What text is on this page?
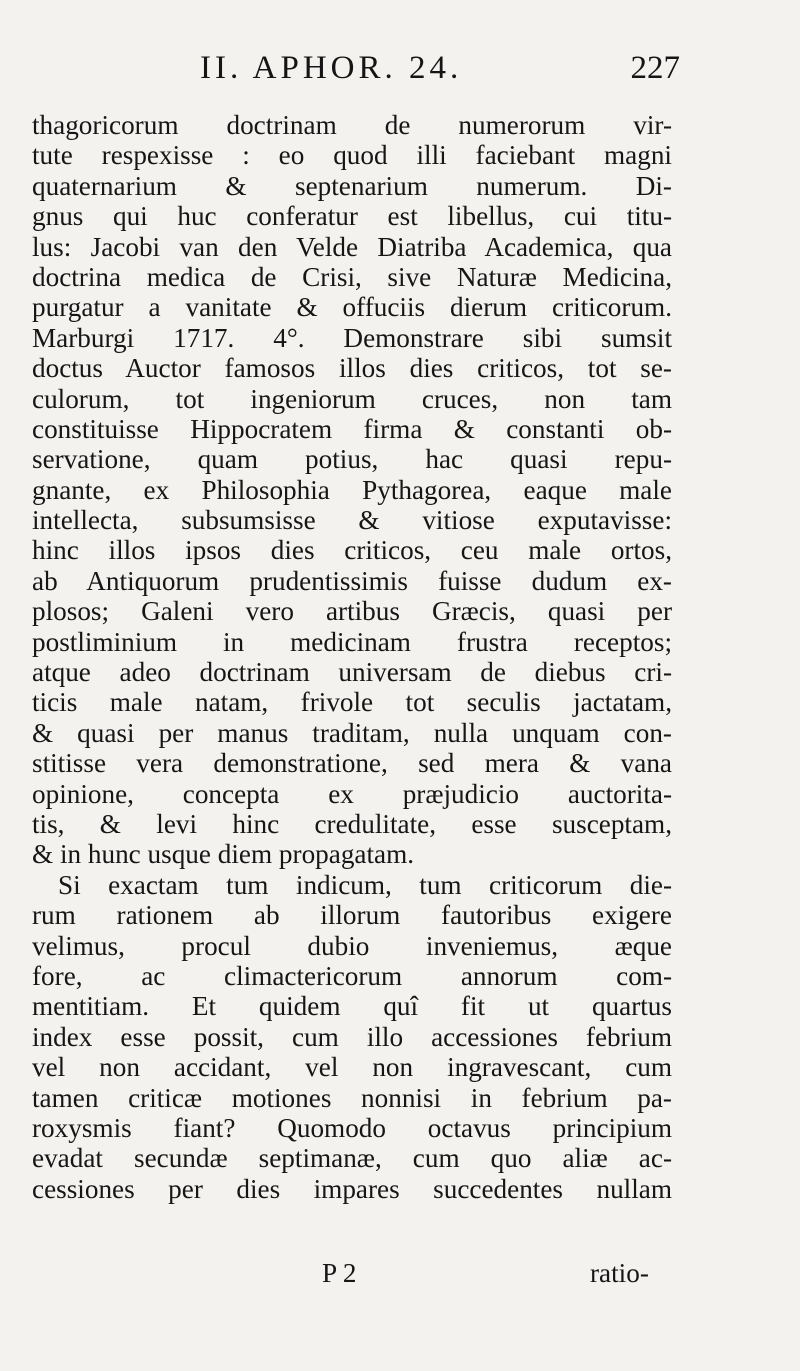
II. APHOR. 24.	227
thagoricorum doctrinam de numerorum vir-
tute respexisse : eo quod illi faciebant magni
quaternarium & septenarium numerum. Di-
gnus qui huc conferatur est libellus, cui titu-
lus: Jacobi van den Velde Diatriba Academica, qua
doctrina medica de Crisi, sive Naturæ Medicina,
purgatur a vanitate & offuciis dierum criticorum.
Marburgi 1717. 4°. Demonstrare sibi sumsit
doctus Auctor famosos illos dies criticos, tot se-
culorum, tot ingeniorum cruces, non tam
constituisse Hippocratem firma & constanti ob-
servatione, quam potius, hac quasi repu-
gnante, ex Philosophia Pythagorea, eaque male
intellecta, subsumsisse & vitiose exputavisse:
hinc illos ipsos dies criticos, ceu male ortos,
ab Antiquorum prudentissimis fuisse dudum ex-
plosos; Galeni vero artibus Græcis, quasi per
postliminium in medicinam frustra receptos;
atque adeo doctrinam universam de diebus cri-
ticis male natam, frivole tot seculis jactatam,
& quasi per manus traditam, nulla unquam con-
stitisse vera demonstratione, sed mera & vana
opinione, concepta ex præjudicio auctorita-
tis, & levi hinc credulitate, esse susceptam,
& in hunc usque diem propagatam.
Si exactam tum indicum, tum criticorum die-
rum rationem ab illorum fautoribus exigere
velimus, procul dubio inveniemus, æque
fore, ac climactericorum annorum com-
mentitiam. Et quidem quî fit ut quartus
index esse possit, cum illo accessiones febrium
vel non accidant, vel non ingravescant, cum
tamen criticæ motiones nonnisi in febrium pa-
roxysmis fiant? Quomodo octavus principium
evadat secundæ septimanæ, cum quo aliæ ac-
cessiones per dies impares succedentes nullam
P 2	ratio-
